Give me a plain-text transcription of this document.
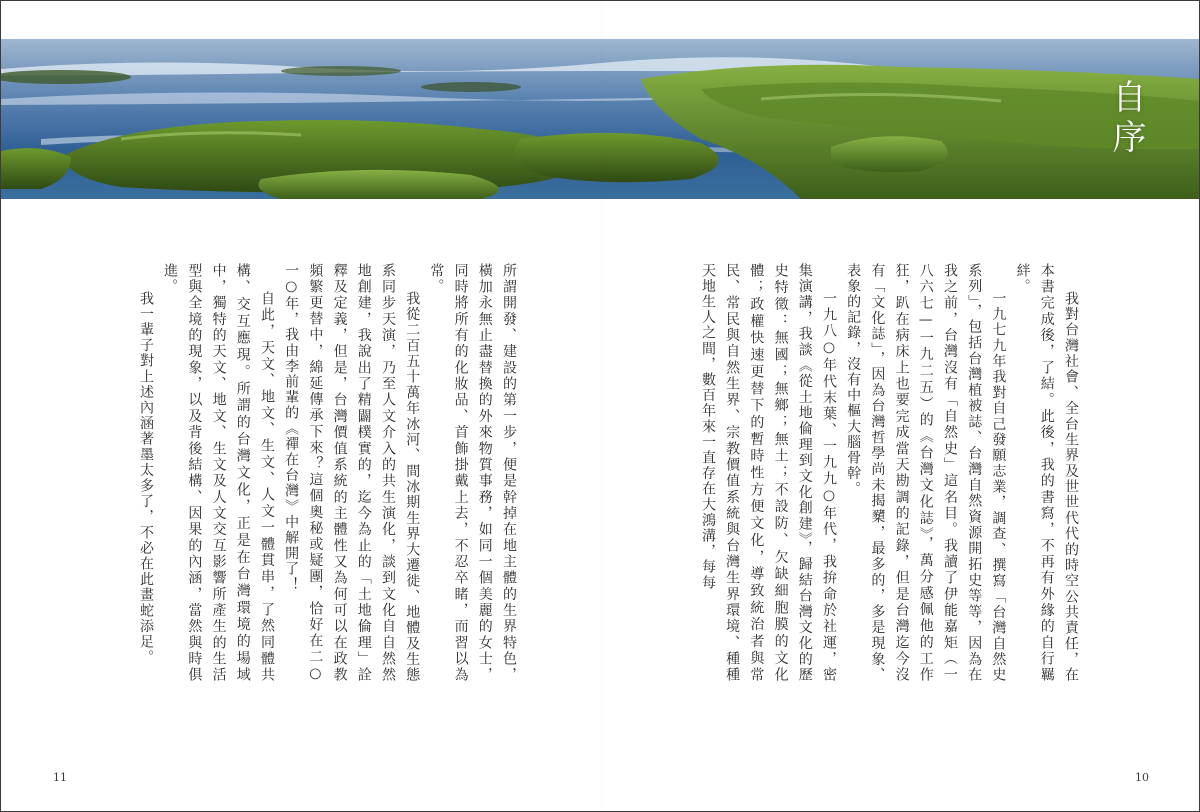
自序

我對台灣社會、全台生界及世世代代的時空公共責任，在本書完成後，了結。此後，我的書寫，不再有外緣的自行羈絆。

一九七九年我對自己發願志業，調查、撰寫「台灣自然史系列」，包括台灣植被誌、台灣自然資源開拓史等等，因為在我之前，台灣沒有「自然史」這名目。我讀了伊能嘉矩（一八六七—一九二五）的《台灣文化誌》，萬分感佩他的工作狂，趴在病床上也要完成當天勘調的記錄，但是台灣迄今沒有「文化誌」，因為台灣哲學尚未揭櫫，最多的，多是現象、表象的記錄，沒有中樞大腦骨幹。

一九八○年代末葉、一九九○年代，我拚命於社運，密集演講，我談《從土地倫理到文化創建》，歸結台灣文化的歷史特徵：無國；無鄉；無土；不設防、欠缺細胞膜的文化體；政權快速更替下的暫時性方便文化，導致統治者與常民、常民與自然生界、宗教價值系統與台灣生界環境、種種天地生人之間，數百年來一直存在大鴻溝，每每

所謂開發、建設的第一步，便是幹掉在地主體的生界特色，橫加永無止盡替換的外來物質事務，如同一個美麗的女士，同時將所有的化妝品、首飾掛戴上去，不忍卒睹，而習以為常。

我從二百五十萬年冰河、間冰期生界大遷徙、地體及生態系同步天演，乃至人文介入的共生演化，談到文化自自然然地創建，我說出了精闢樸實的，迄今為止的「土地倫理」詮釋及定義，但是，台灣價值系統的主體性又為何可以在政教頻繁更替中，綿延傳承下來？這個奧秘或疑團，恰好在二○一○年，我由李前輩的《禪在台灣》中解開了！

自此，天文、地文、生文、人文一體貫串，了然同體共構、交互應現。所謂的台灣文化，正是在台灣環境的場域中，獨特的天文、地文、生文及人文交互影響所產生的生活型與全境的現象，以及背後結構、因果的內涵，當然與時俱進。

我一輩子對上述內涵著墨太多了，不必在此畫蛇添足。

11	10
